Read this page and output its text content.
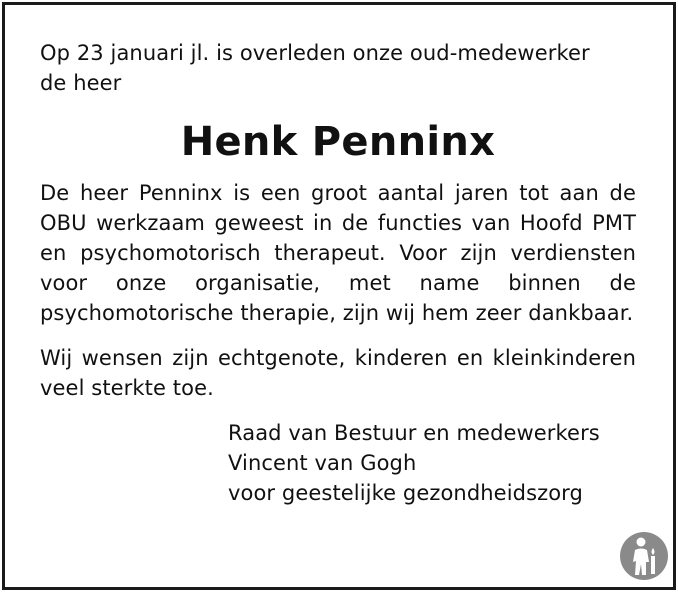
Op 23 januari jl. is overleden onze oud-medewerker
de heer

Henk Penninx

De heer Penninx is een groot aantal jaren tot aan de OBU werkzaam geweest in de functies van Hoofd PMT en psychomotorisch therapeut. Voor zijn verdiensten voor onze organisatie, met name binnen de psychomotorische therapie, zijn wij hem zeer dankbaar.

Wij wensen zijn echtgenote, kinderen en kleinkinderen veel sterkte toe.

Raad van Bestuur en medewerkers
Vincent van Gogh
voor geestelijke gezondheidszorg
